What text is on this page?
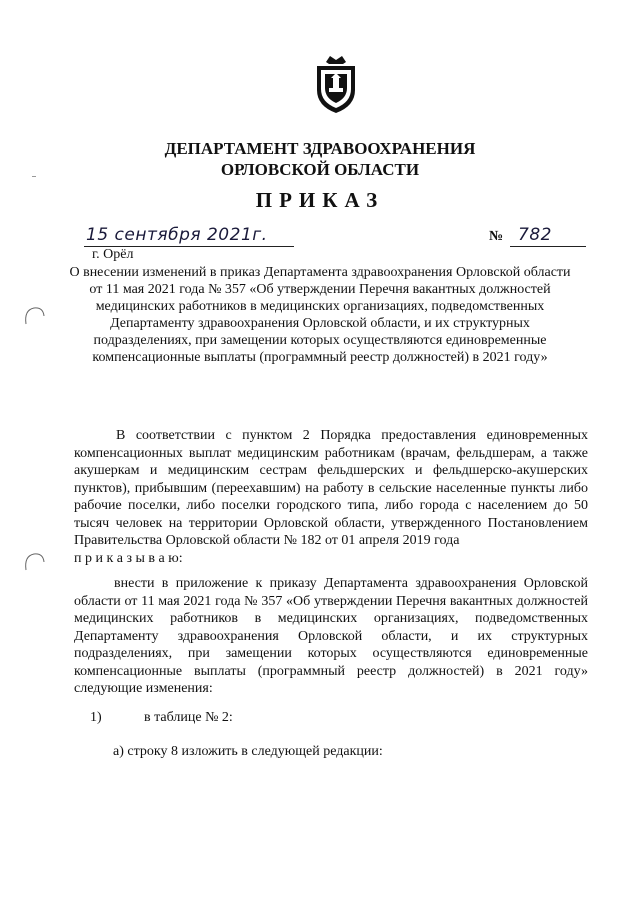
ДЕПАРТАМЕНТ ЗДРАВООХРАНЕНИЯ
ОРЛОВСКОЙ ОБЛАСТИ
ПРИКАЗ
15 сентября 2021г.	№ 782
г. Орёл
О внесении изменений в приказ Департамента здравоохранения Орловской области от 11 мая 2021 года № 357 «Об утверждении Перечня вакантных должностей медицинских работников в медицинских организациях, подведомственных Департаменту здравоохранения Орловской области, и их структурных подразделениях, при замещении которых осуществляются единовременные компенсационные выплаты (программный реестр должностей) в 2021 году»

В соответствии с пунктом 2 Порядка предоставления единовременных компенсационных выплат медицинским работникам (врачам, фельдшерам, а также акушеркам и медицинским сестрам фельдшерских и фельдшерско-акушерских пунктов), прибывшим (переехавшим) на работу в сельские населенные пункты либо рабочие поселки, либо поселки городского типа, либо города с населением до 50 тысяч человек на территории Орловской области, утвержденного Постановлением Правительства Орловской области № 182 от 01 апреля 2019 года
п р и к а з ы в а ю:

внести в приложение к приказу Департамента здравоохранения Орловской области от 11 мая 2021 года № 357 «Об утверждении Перечня вакантных должностей медицинских работников в медицинских организациях, подведомственных Департаменту здравоохранения Орловской области, и их структурных подразделениях, при замещении которых осуществляются единовременные компенсационные выплаты (программный реестр должностей) в 2021 году» следующие изменения:

1)	в таблице № 2:
а) строку 8 изложить в следующей редакции:
